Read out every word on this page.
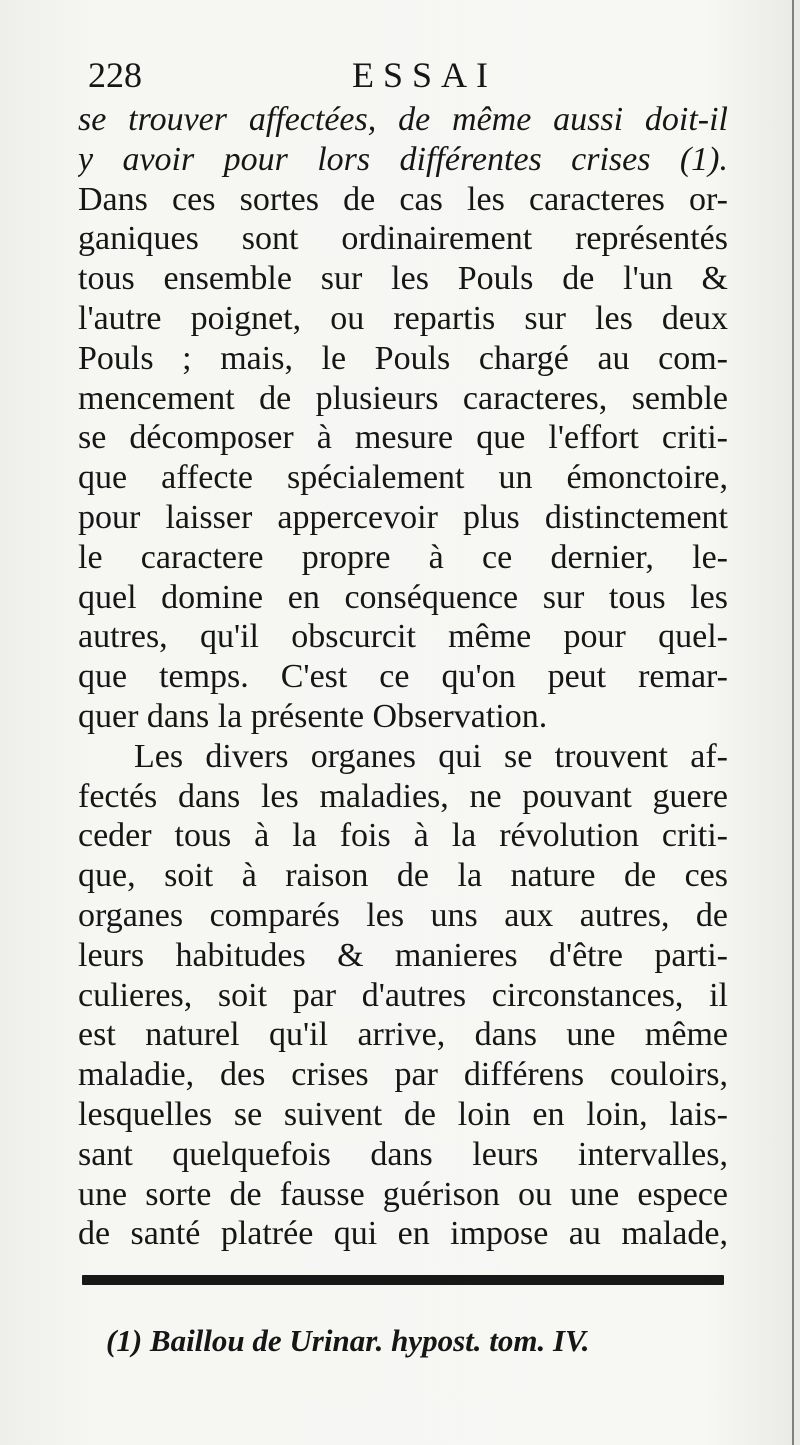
228	ESSAI
se trouver affectées, de même aussi doit-il
y avoir pour lors différentes crises (1).
Dans ces sortes de cas les caracteres or-
ganiques sont ordinairement représentés
tous ensemble sur les Pouls de l'un &
l'autre poignet, ou repartis sur les deux
Pouls ; mais, le Pouls chargé au com-
mencement de plusieurs caracteres, semble
se décomposer à mesure que l'effort criti-
que affecte spécialement un émonctoire,
pour laisser appercevoir plus distinctement
le caractere propre à ce dernier, le-
quel domine en conséquence sur tous les
autres, qu'il obscurcit même pour quel-
que temps. C'est ce qu'on peut remar-
quer dans la présente Observation.
Les divers organes qui se trouvent af-
fectés dans les maladies, ne pouvant guere
ceder tous à la fois à la révolution criti-
que, soit à raison de la nature de ces
organes comparés les uns aux autres, de
leurs habitudes & manieres d'être parti-
culieres, soit par d'autres circonstances, il
est naturel qu'il arrive, dans une même
maladie, des crises par différens couloirs,
lesquelles se suivent de loin en loin, lais-
sant quelquefois dans leurs intervalles,
une sorte de fausse guérison ou une espece
de santé platrée qui en impose au malade,
(1) Baillou de Urinar. hypost. tom. IV.
